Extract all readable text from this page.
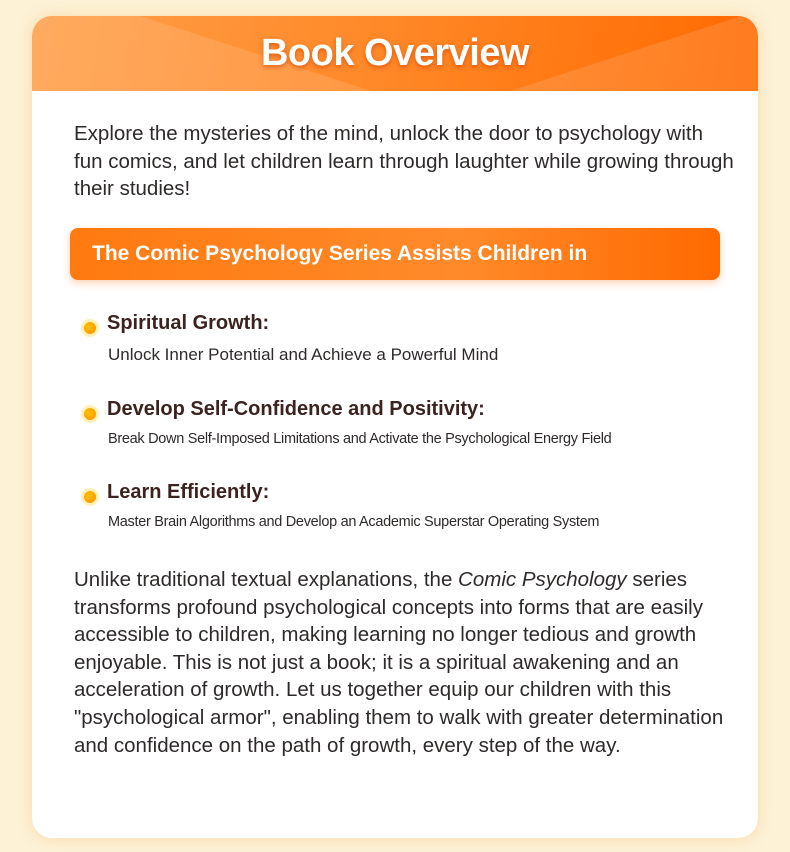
Book Overview
Explore the mysteries of the mind, unlock the door to psychology with fun comics, and let children learn through laughter while growing through their studies!
The Comic Psychology Series Assists Children in
Spiritual Growth:
Unlock Inner Potential and Achieve a Powerful Mind
Develop Self-Confidence and Positivity:
Break Down Self-Imposed Limitations and Activate the Psychological Energy Field
Learn Efficiently:
Master Brain Algorithms and Develop an Academic Superstar Operating System
Unlike traditional textual explanations, the Comic Psychology series transforms profound psychological concepts into forms that are easily accessible to children, making learning no longer tedious and growth enjoyable. This is not just a book; it is a spiritual awakening and an acceleration of growth. Let us together equip our children with this "psychological armor", enabling them to walk with greater determination and confidence on the path of growth, every step of the way.
